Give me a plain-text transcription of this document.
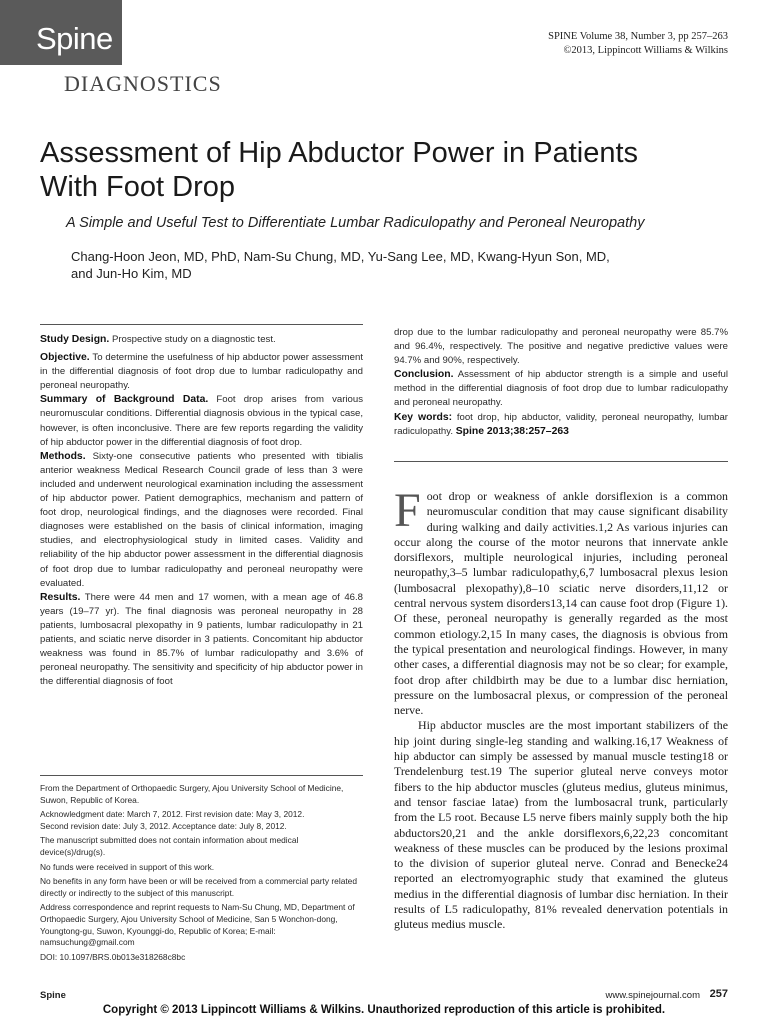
Spine
DIAGNOSTICS
SPINE Volume 38, Number 3, pp 257–263
©2013, Lippincott Williams & Wilkins
Assessment of Hip Abductor Power in Patients With Foot Drop
A Simple and Useful Test to Differentiate Lumbar Radiculopathy and Peroneal Neuropathy
Chang-Hoon Jeon, MD, PhD, Nam-Su Chung, MD, Yu-Sang Lee, MD, Kwang-Hyun Son, MD,
and Jun-Ho Kim, MD

Study Design. Prospective study on a diagnostic test.

Objective. To determine the usefulness of hip abductor power assessment in the differential diagnosis of foot drop due to lumbar radiculopathy and peroneal neuropathy.

Summary of Background Data. Foot drop arises from various neuromuscular conditions. Differential diagnosis obvious in the typical case, however, is often inconclusive. There are few reports regarding the validity of hip abductor power in the differential diagnosis of foot drop.

Methods. Sixty-one consecutive patients who presented with tibialis anterior weakness Medical Research Council grade of less than 3 were included and underwent neurological examination including the assessment of hip abductor power. Patient demographics, mechanism and pattern of foot drop, neurological findings, and the diagnoses were recorded. Final diagnoses were established on the basis of clinical information, imaging studies, and electrophysiological study in limited cases. Validity and reliability of the hip abductor power assessment in the differential diagnosis of foot drop due to lumbar radiculopathy and peroneal neuropathy were evaluated.

Results. There were 44 men and 17 women, with a mean age of 46.8 years (19–77 yr). The final diagnosis was peroneal neuropathy in 28 patients, lumbosacral plexopathy in 9 patients, lumbar radiculopathy in 21 patients, and sciatic nerve disorder in 3 patients. Concomitant hip abductor weakness was found in 85.7% of lumbar radiculopathy and 3.6% of peroneal neuropathy. The sensitivity and specificity of hip abductor power in the differential diagnosis of foot

drop due to the lumbar radiculopathy and peroneal neuropathy were 85.7% and 96.4%, respectively. The positive and negative predictive values were 94.7% and 90%, respectively.

Conclusion. Assessment of hip abductor strength is a simple and useful method in the differential diagnosis of foot drop due to lumbar radiculopathy and peroneal neuropathy.

Key words: foot drop, hip abductor, validity, peroneal neuropathy, lumbar radiculopathy. Spine 2013;38:257–263

From the Department of Orthopaedic Surgery, Ajou University School of Medicine, Suwon, Republic of Korea.

Acknowledgment date: March 7, 2012. First revision date: May 3, 2012.
Second revision date: July 3, 2012. Acceptance date: July 8, 2012.

The manuscript submitted does not contain information about medical device(s)/drug(s).

No funds were received in support of this work.

No benefits in any form have been or will be received from a commercial party related directly or indirectly to the subject of this manuscript.

Address correspondence and reprint requests to Nam-Su Chung, MD, Department of Orthopaedic Surgery, Ajou University School of Medicine, San 5 Wonchon-dong, Youngtong-gu, Suwon, Kyounggi-do, Republic of Korea; E-mail: namsuchung@gmail.com

DOI: 10.1097/BRS.0b013e318268c8bc

F oot drop or weakness of ankle dorsiflexion is a common neuromuscular condition that may cause significant disability during walking and daily activities.1,2 As various injuries can occur along the course of the motor neurons that innervate ankle dorsiflexors, multiple neurological injuries, including peroneal neuropathy,3–5 lumbar radiculopathy,6,7 lumbosacral plexus lesion (lumbosacral plexopathy),8–10 sciatic nerve disorders,11,12 or central nervous system disorders13,14 can cause foot drop (Figure 1). Of these, peroneal neuropathy is generally regarded as the most common etiology.2,15 In many cases, the diagnosis is obvious from the typical presentation and neurological findings. However, in many other cases, a differential diagnosis may not be so clear; for example, foot drop after childbirth may be due to a lumbar disc herniation, pressure on the lumbosacral plexus, or compression of the peroneal nerve.

Hip abductor muscles are the most important stabilizers of the hip joint during single-leg standing and walking.16,17 Weakness of hip abductor can simply be assessed by manual muscle testing18 or Trendelenburg test.19 The superior gluteal nerve conveys motor fibers to the hip abductor muscles (gluteus medius, gluteus minimus, and tensor fasciae latae) from the lumbosacral trunk, particularly from the L5 root. Because L5 nerve fibers mainly supply both the hip abductors20,21 and the ankle dorsiflexors,6,22,23 concomitant weakness of these muscles can be produced by the lesions proximal to the division of superior gluteal nerve. Conrad and Benecke24 reported an electromyographic study that examined the gluteus medius in the differential diagnosis of lumbar disc herniation. In their results of L5 radiculopathy, 81% revealed denervation potentials in gluteus medius muscle.

Spine	www.spinejournal.com 257
Copyright © 2013 Lippincott Williams & Wilkins. Unauthorized reproduction of this article is prohibited.
